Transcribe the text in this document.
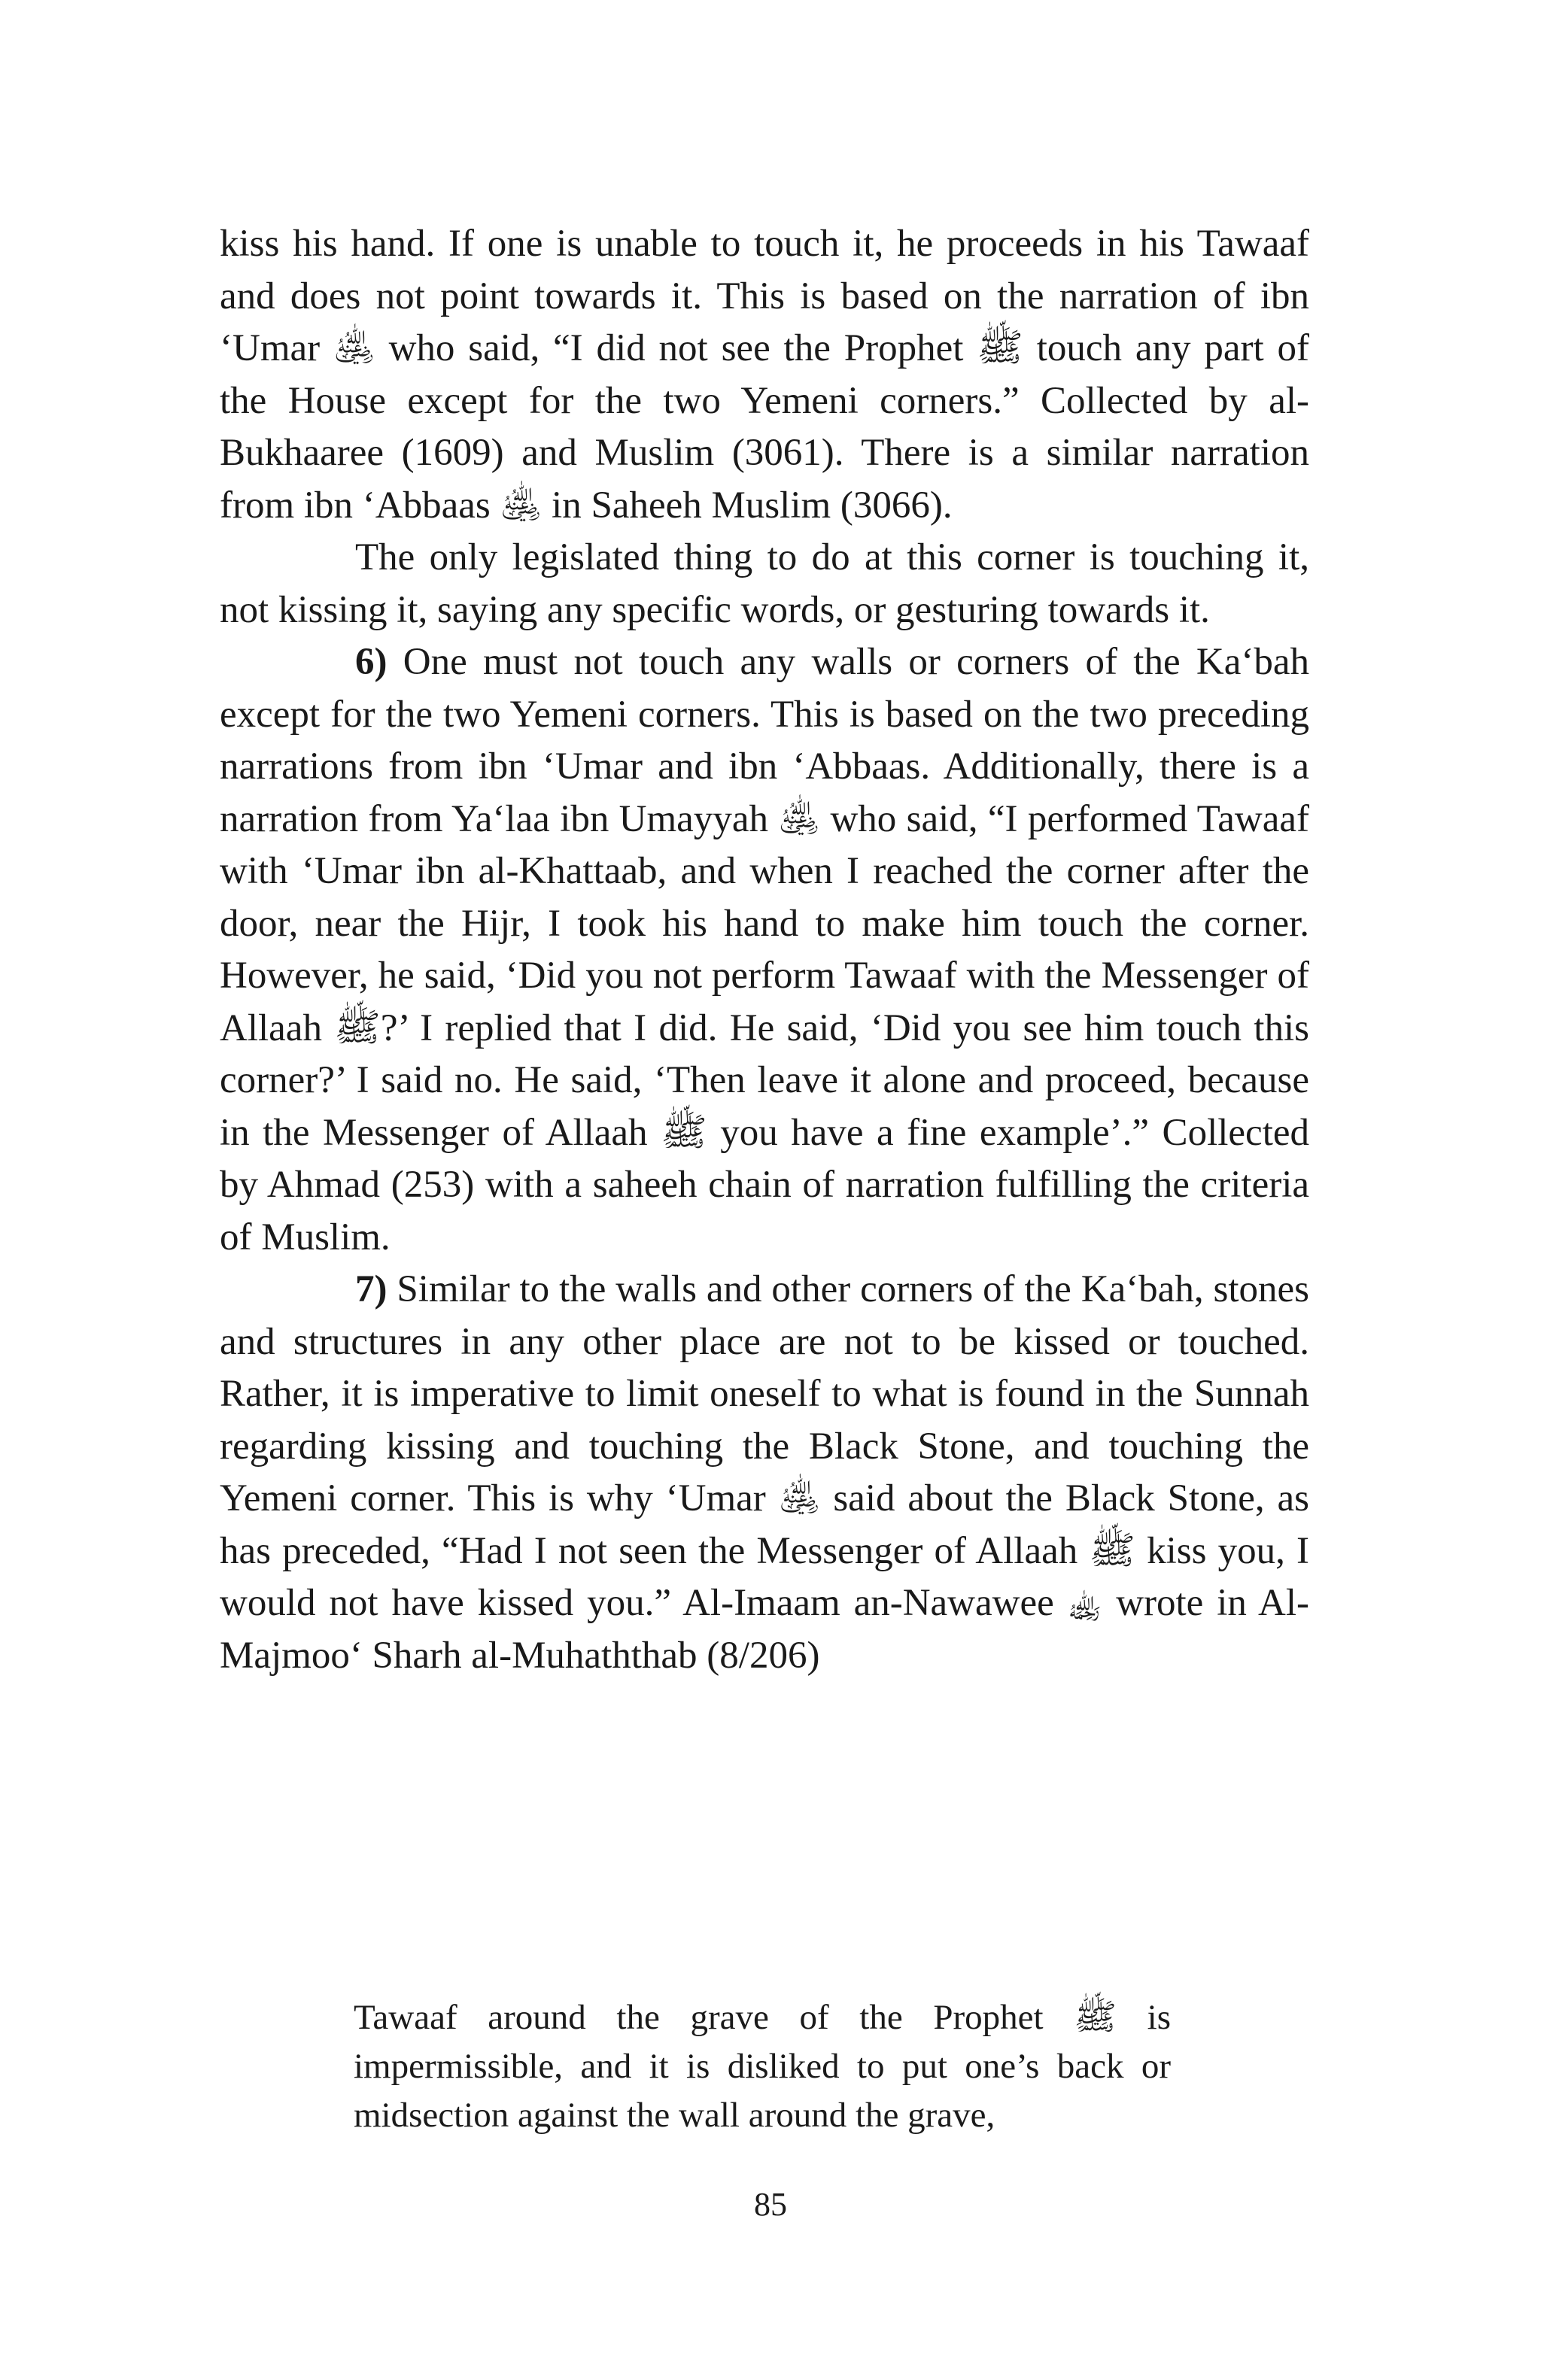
kiss his hand. If one is unable to touch it, he proceeds in his Tawaaf and does not point towards it. This is based on the narration of ibn ‘Umar ﵁ who said, “I did not see the Prophet ﷺ touch any part of the House except for the two Yemeni corners.” Collected by al-Bukhaaree (1609) and Muslim (3061). There is a similar narration from ibn ‘Abbaas ﵁ in Saheeh Muslim (3066).

The only legislated thing to do at this corner is touching it, not kissing it, saying any specific words, or gesturing towards it.

6) One must not touch any walls or corners of the Ka‘bah except for the two Yemeni corners. This is based on the two preceding narrations from ibn ‘Umar and ibn ‘Abbaas. Additionally, there is a narration from Ya‘laa ibn Umayyah ﵁ who said, “I performed Tawaaf with ‘Umar ibn al-Khattaab, and when I reached the corner after the door, near the Hijr, I took his hand to make him touch the corner. However, he said, ‘Did you not perform Tawaaf with the Messenger of Allaah ﷺ?’ I replied that I did. He said, ‘Did you see him touch this corner?’ I said no. He said, ‘Then leave it alone and proceed, because in the Messenger of Allaah ﷺ you have a fine example’.” Collected by Ahmad (253) with a saheeh chain of narration fulfilling the criteria of Muslim.

7) Similar to the walls and other corners of the Ka‘bah, stones and structures in any other place are not to be kissed or touched. Rather, it is imperative to limit oneself to what is found in the Sunnah regarding kissing and touching the Black Stone, and touching the Yemeni corner. This is why ‘Umar ﵁ said about the Black Stone, as has preceded, “Had I not seen the Messenger of Allaah ﷺ kiss you, I would not have kissed you.” Al-Imaam an-Nawawee ﵀ wrote in Al-Majmoo‘ Sharh al-Muhaththab (8/206)

Tawaaf around the grave of the Prophet ﷺ is impermissible, and it is disliked to put one’s back or midsection against the wall around the grave,

85
